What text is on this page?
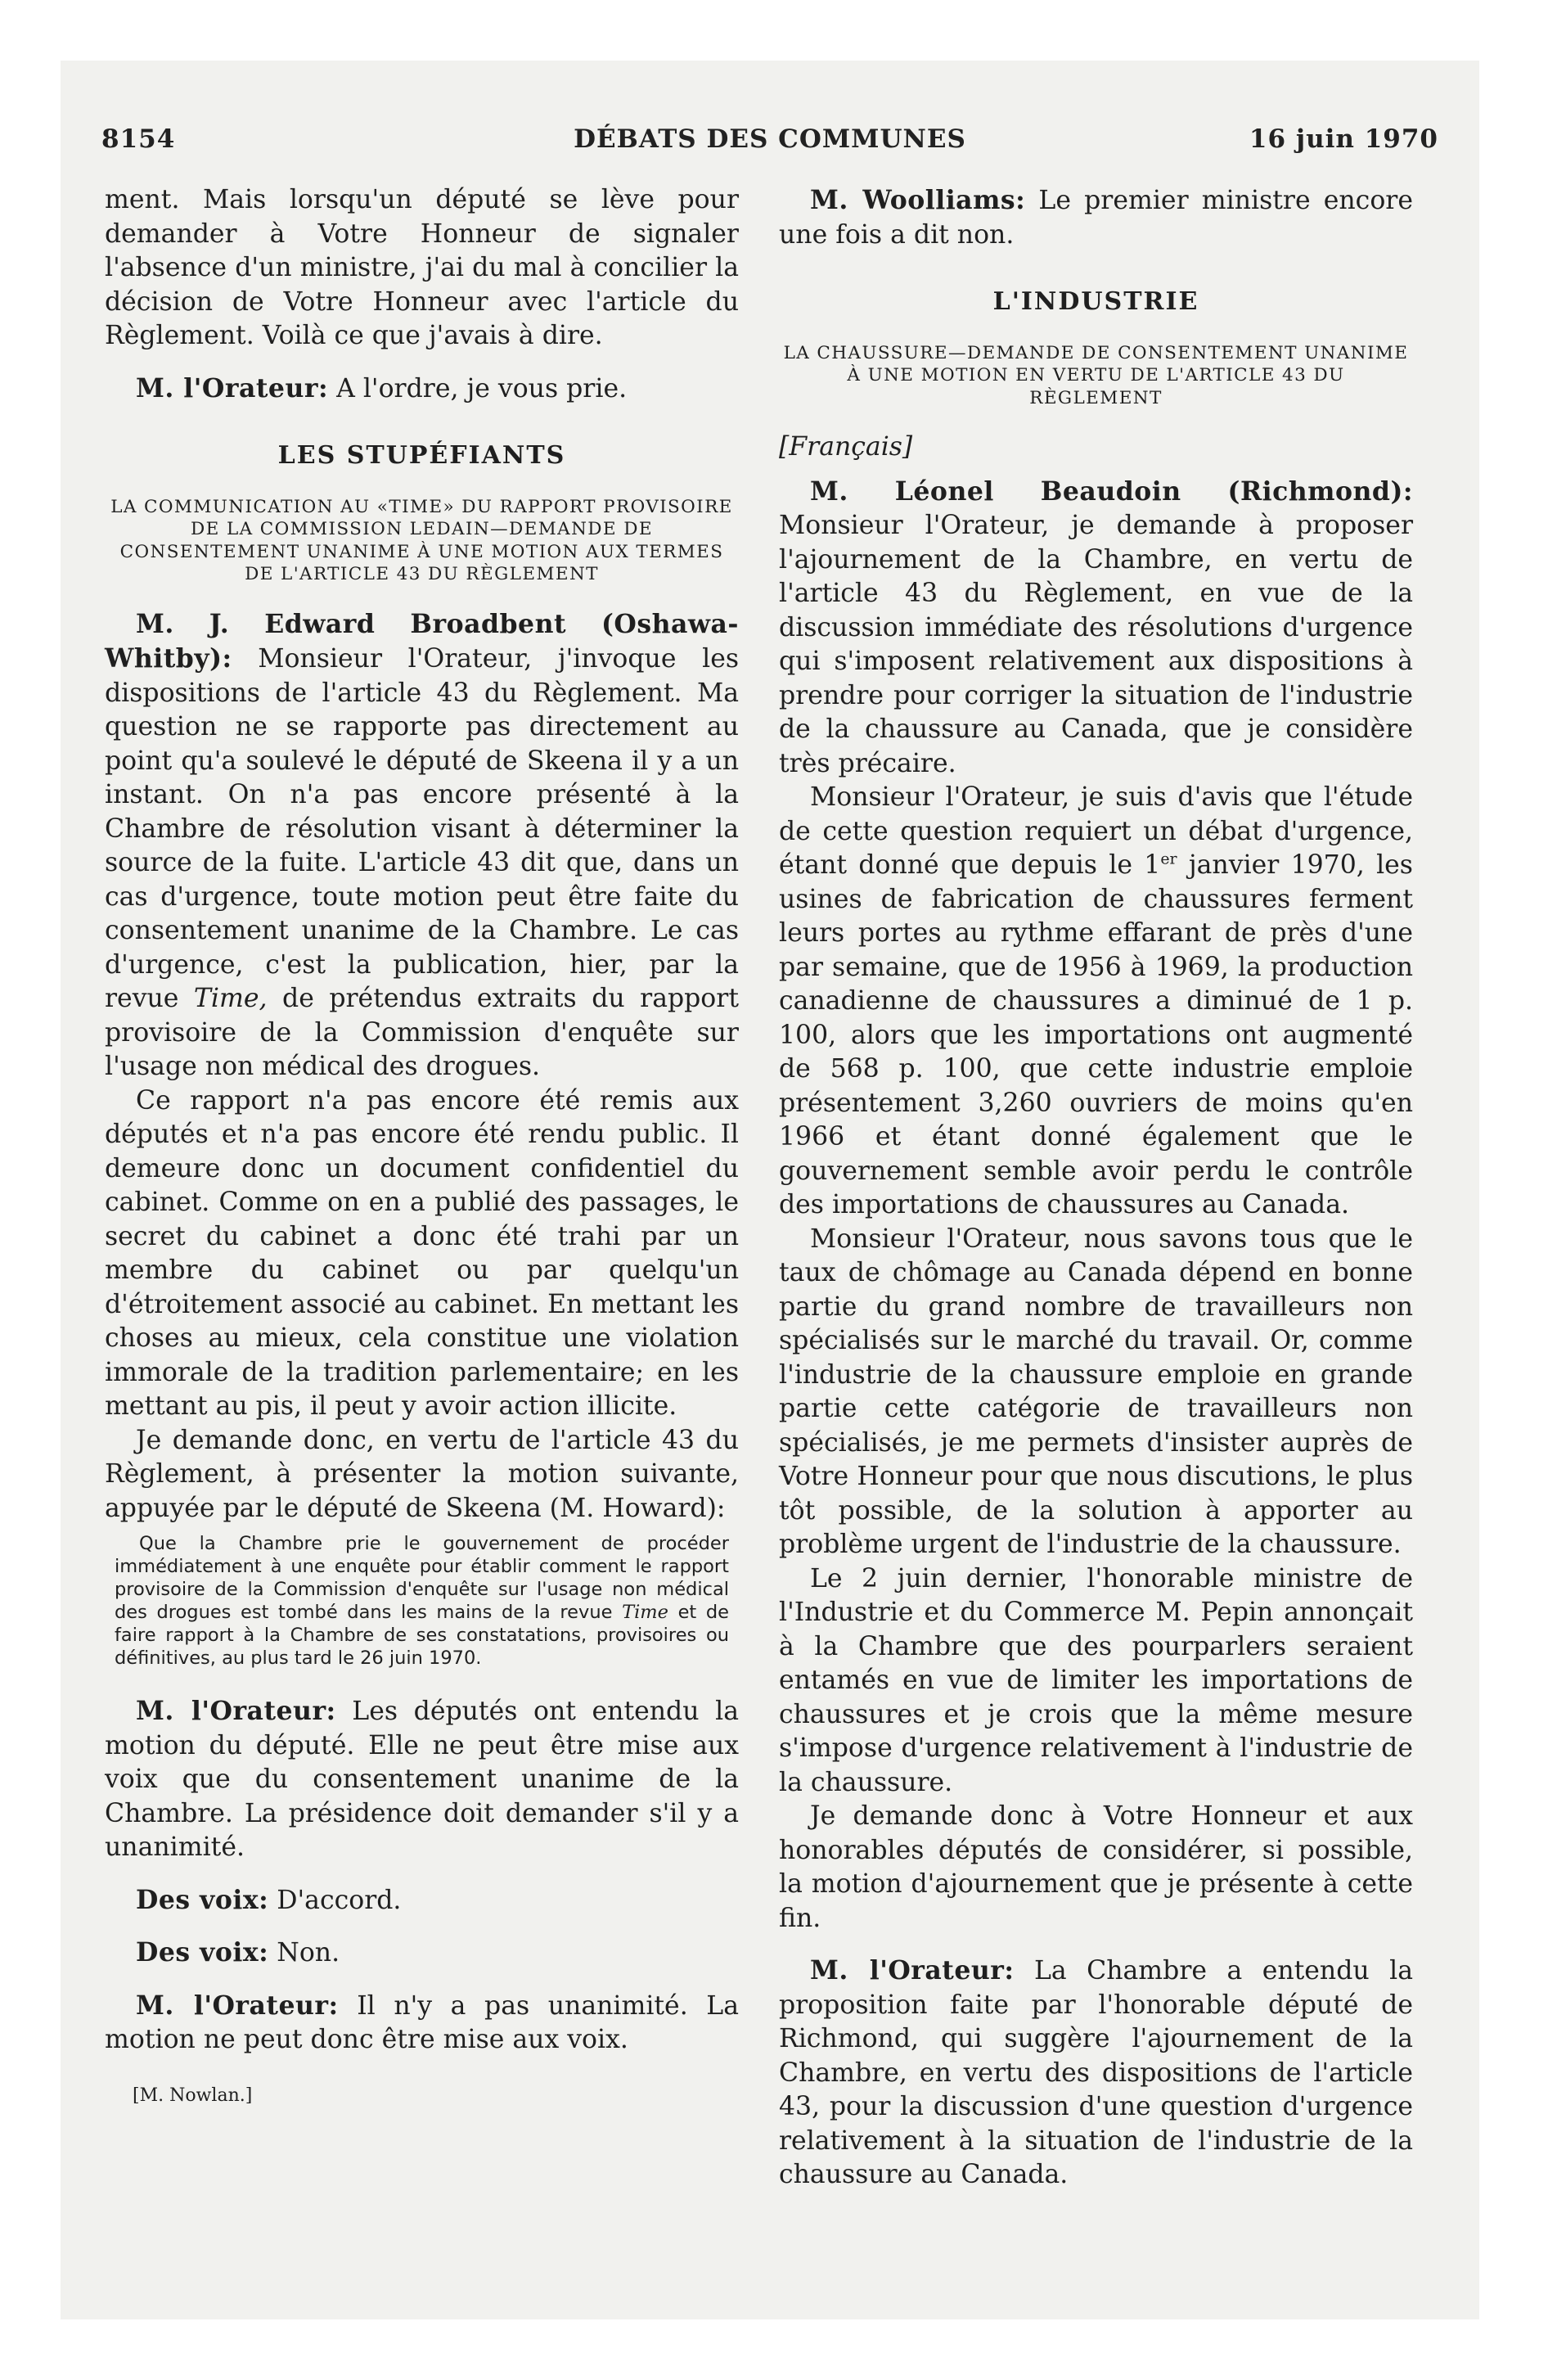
8154	DÉBATS DES COMMUNES	16 juin 1970

ment. Mais lorsqu'un député se lève pour demander à Votre Honneur de signaler l'absence d'un ministre, j'ai du mal à concilier la décision de Votre Honneur avec l'article du Règlement. Voilà ce que j'avais à dire.

M. l'Orateur: A l'ordre, je vous prie.

LES STUPÉFIANTS
LA COMMUNICATION AU «TIME» DU RAPPORT PROVISOIRE DE LA COMMISSION LEDAIN—DEMANDE DE CONSENTEMENT UNANIME À UNE MOTION AUX TERMES DE L'ARTICLE 43 DU RÈGLEMENT

M. J. Edward Broadbent (Oshawa-Whitby): Monsieur l'Orateur, j'invoque les dispositions de l'article 43 du Règlement. Ma question ne se rapporte pas directement au point qu'a soulevé le député de Skeena il y a un instant. On n'a pas encore présenté à la Chambre de résolution visant à déterminer la source de la fuite. L'article 43 dit que, dans un cas d'urgence, toute motion peut être faite du consentement unanime de la Chambre. Le cas d'urgence, c'est la publication, hier, par la revue Time, de prétendus extraits du rapport provisoire de la Commission d'enquête sur l'usage non médical des drogues.

Ce rapport n'a pas encore été remis aux députés et n'a pas encore été rendu public. Il demeure donc un document confidentiel du cabinet. Comme on en a publié des passages, le secret du cabinet a donc été trahi par un membre du cabinet ou par quelqu'un d'étroitement associé au cabinet. En mettant les choses au mieux, cela constitue une violation immorale de la tradition parlementaire; en les mettant au pis, il peut y avoir action illicite.

Je demande donc, en vertu de l'article 43 du Règlement, à présenter la motion suivante, appuyée par le député de Skeena (M. Howard):

Que la Chambre prie le gouvernement de procéder immédiatement à une enquête pour établir comment le rapport provisoire de la Commission d'enquête sur l'usage non médical des drogues est tombé dans les mains de la revue Time et de faire rapport à la Chambre de ses constatations, provisoires ou définitives, au plus tard le 26 juin 1970.

M. l'Orateur: Les députés ont entendu la motion du député. Elle ne peut être mise aux voix que du consentement unanime de la Chambre. La présidence doit demander s'il y a unanimité.

Des voix: D'accord.

Des voix: Non.

M. l'Orateur: Il n'y a pas unanimité. La motion ne peut donc être mise aux voix.

[M. Nowlan.]

M. Woolliams: Le premier ministre encore une fois a dit non.

L'INDUSTRIE
LA CHAUSSURE—DEMANDE DE CONSENTEMENT UNANIME À UNE MOTION EN VERTU DE L'ARTICLE 43 DU RÈGLEMENT

[Français]

M. Léonel Beaudoin (Richmond): Monsieur l'Orateur, je demande à proposer l'ajournement de la Chambre, en vertu de l'article 43 du Règlement, en vue de la discussion immédiate des résolutions d'urgence qui s'imposent relativement aux dispositions à prendre pour corriger la situation de l'industrie de la chaussure au Canada, que je considère très précaire.

Monsieur l'Orateur, je suis d'avis que l'étude de cette question requiert un débat d'urgence, étant donné que depuis le 1er janvier 1970, les usines de fabrication de chaussures ferment leurs portes au rythme effarant de près d'une par semaine, que de 1956 à 1969, la production canadienne de chaussures a diminué de 1 p. 100, alors que les importations ont augmenté de 568 p. 100, que cette industrie emploie présentement 3,260 ouvriers de moins qu'en 1966 et étant donné également que le gouvernement semble avoir perdu le contrôle des importations de chaussures au Canada.

Monsieur l'Orateur, nous savons tous que le taux de chômage au Canada dépend en bonne partie du grand nombre de travailleurs non spécialisés sur le marché du travail. Or, comme l'industrie de la chaussure emploie en grande partie cette catégorie de travailleurs non spécialisés, je me permets d'insister auprès de Votre Honneur pour que nous discutions, le plus tôt possible, de la solution à apporter au problème urgent de l'industrie de la chaussure.

Le 2 juin dernier, l'honorable ministre de l'Industrie et du Commerce M. Pepin annonçait à la Chambre que des pourparlers seraient entamés en vue de limiter les importations de chaussures et je crois que la même mesure s'impose d'urgence relativement à l'industrie de la chaussure.

Je demande donc à Votre Honneur et aux honorables députés de considérer, si possible, la motion d'ajournement que je présente à cette fin.

M. l'Orateur: La Chambre a entendu la proposition faite par l'honorable député de Richmond, qui suggère l'ajournement de la Chambre, en vertu des dispositions de l'article 43, pour la discussion d'une question d'urgence relativement à la situation de l'industrie de la chaussure au Canada.
